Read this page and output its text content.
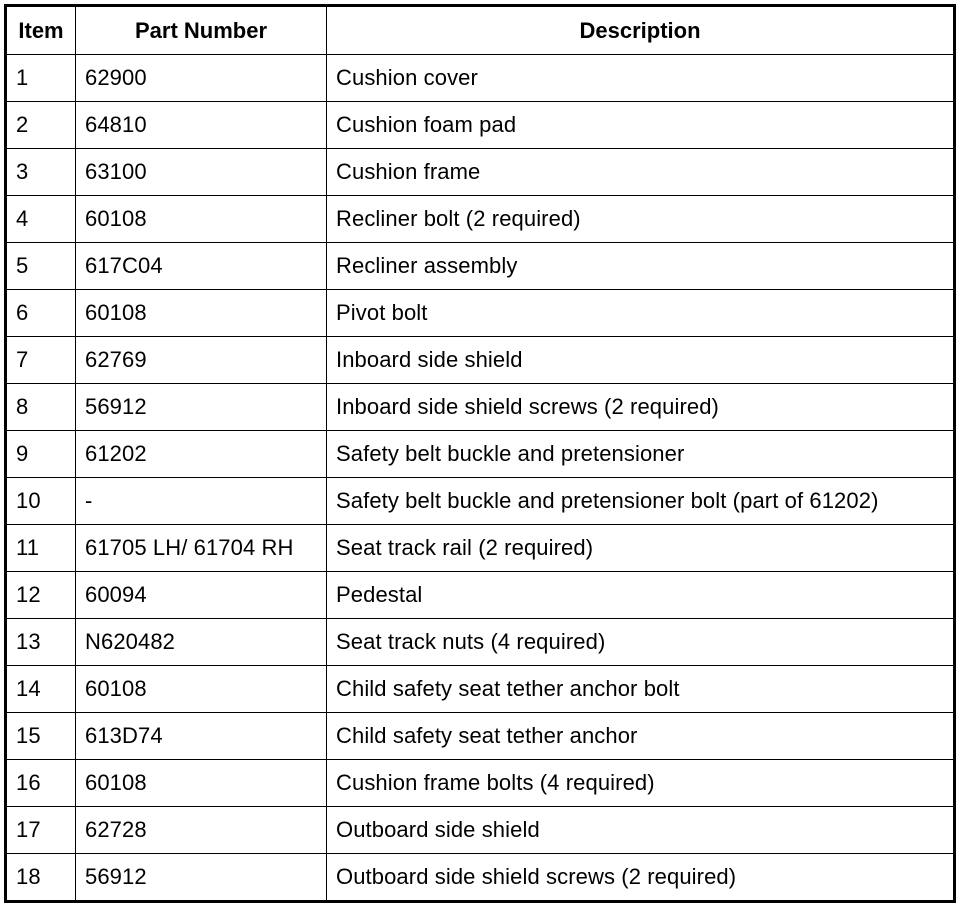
Item	Part Number	Description
1	62900	Cushion cover
2	64810	Cushion foam pad
3	63100	Cushion frame
4	60108	Recliner bolt (2 required)
5	617C04	Recliner assembly
6	60108	Pivot bolt
7	62769	Inboard side shield
8	56912	Inboard side shield screws (2 required)
9	61202	Safety belt buckle and pretensioner
10	-	Safety belt buckle and pretensioner bolt (part of 61202)
11	61705 LH/ 61704 RH	Seat track rail (2 required)
12	60094	Pedestal
13	N620482	Seat track nuts (4 required)
14	60108	Child safety seat tether anchor bolt
15	613D74	Child safety seat tether anchor
16	60108	Cushion frame bolts (4 required)
17	62728	Outboard side shield
18	56912	Outboard side shield screws (2 required)
